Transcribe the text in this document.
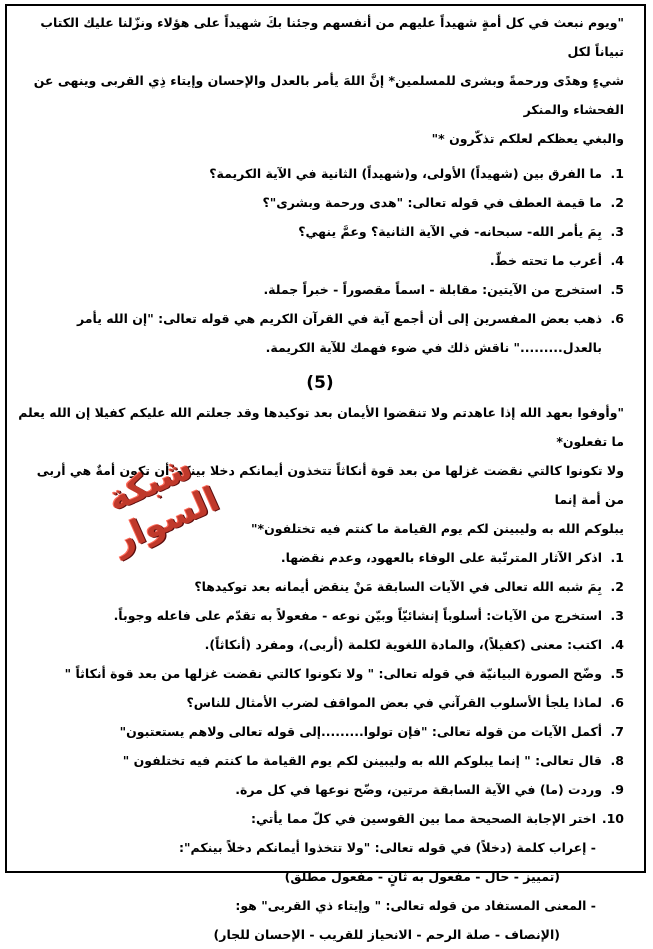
"ويوم نبعث في كل أمةٍ شهيداً عليهم من أنفسهم وجئنا بكَ شهيداً على هؤلاء ونزّلنا عليك الكتاب تبياناً لكل

شيءٍ وهدًى ورحمةً وبشرى للمسلمين* إنَّ اللهَ يأمر بالعدل والإحسان وإيتاء ذِي القربى وينهى عن الفحشاء والمنكر

والبغي يعظكم لعلكم تذكّرون *"

1.
ما الفرق بين (شهيداً) الأولى، و(شهيداً) الثانية في الآية الكريمة؟
2.
ما قيمة العطف في قوله تعالى: "هدى ورحمة وبشرى"؟
3.
بِمَ يأمر الله- سبحانه- في الآية الثانية؟ وعمَّ ينهي؟
4.
أعرب ما تحته خطّ.
5.
استخرج من الآيتين: مقابلة - اسماً مقصوراً - خبراً جملة.
6.
ذهب بعض المفسرين إلى أن أجمع آية في القرآن الكريم هي قوله تعالى: "إن الله يأمر بالعدل........." ناقش ذلك في ضوء فهمك للآية الكريمة.
(5)

"وأوفوا بعهد الله إذا عاهدتم ولا تنقضوا الأيمان بعد توكيدها وقد جعلتم الله عليكم كفيلا إن الله يعلم ما تفعلون*

ولا تكونوا كالتي نقضت غزلها من بعد قوة أنكاثاً تتخذون أيمانكم دخلا بينكم أن تكون أمةٌ هي أربى من أمة إنما

يبلوكم الله به وليبينن لكم يوم القيامة ما كنتم فيه تختلفون*"

1.
اذكر الآثار المترتّبة على الوفاء بالعهود، وعدم نقضها.
2.
بِمَ شبه الله تعالى في الآيات السابقة مَنْ ينقض أيمانه بعد توكيدها؟
3.
استخرج من الآيات: أسلوباً إنشائيّاً وبيّن نوعه - مفعولاً به تقدّم على فاعله وجوباً.
4.
اكتب: معنى (كفيلاً)، والمادة اللغوية لكلمة (أربى)، ومفرد (أنكاثاً).
5.
وضّح الصورة البيانيّة في قوله تعالى: " ولا تكونوا كالتي نقضت غزلها من بعد قوة أنكاثاً "
6.
لماذا يلجأ الأسلوب القرآني في بعض المواقف لضرب الأمثال للناس؟
7.
أكمل الآيات من قوله تعالى: "فإن تولوا.........إلى قوله تعالى ولاهم يستعتبون"
8.
قال تعالى: " إنما يبلوكم الله به وليبينن لكم يوم القيامة ما كنتم فيه تختلفون "
9.
وردت (ما) في الآية السابقة مرتين، وضّح نوعها في كل مرة.
10.
اختر الإجابة الصحيحة مما بين القوسين في كلّ مما يأتي:
- إعراب كلمة (دخلاً) في قوله تعالى: "ولا تتخذوا أيمانكم دخلاً بينكم":
(تمييز - حال - مفعول به ثانٍ - مفعول مطلق)
- المعنى المستفاد من قوله تعالى: " وإيتاء ذي القربى" هو:
(الإنصاف - صلة الرحم - الانحياز للقريب - الإحسان للجار)
شبكة السوار
